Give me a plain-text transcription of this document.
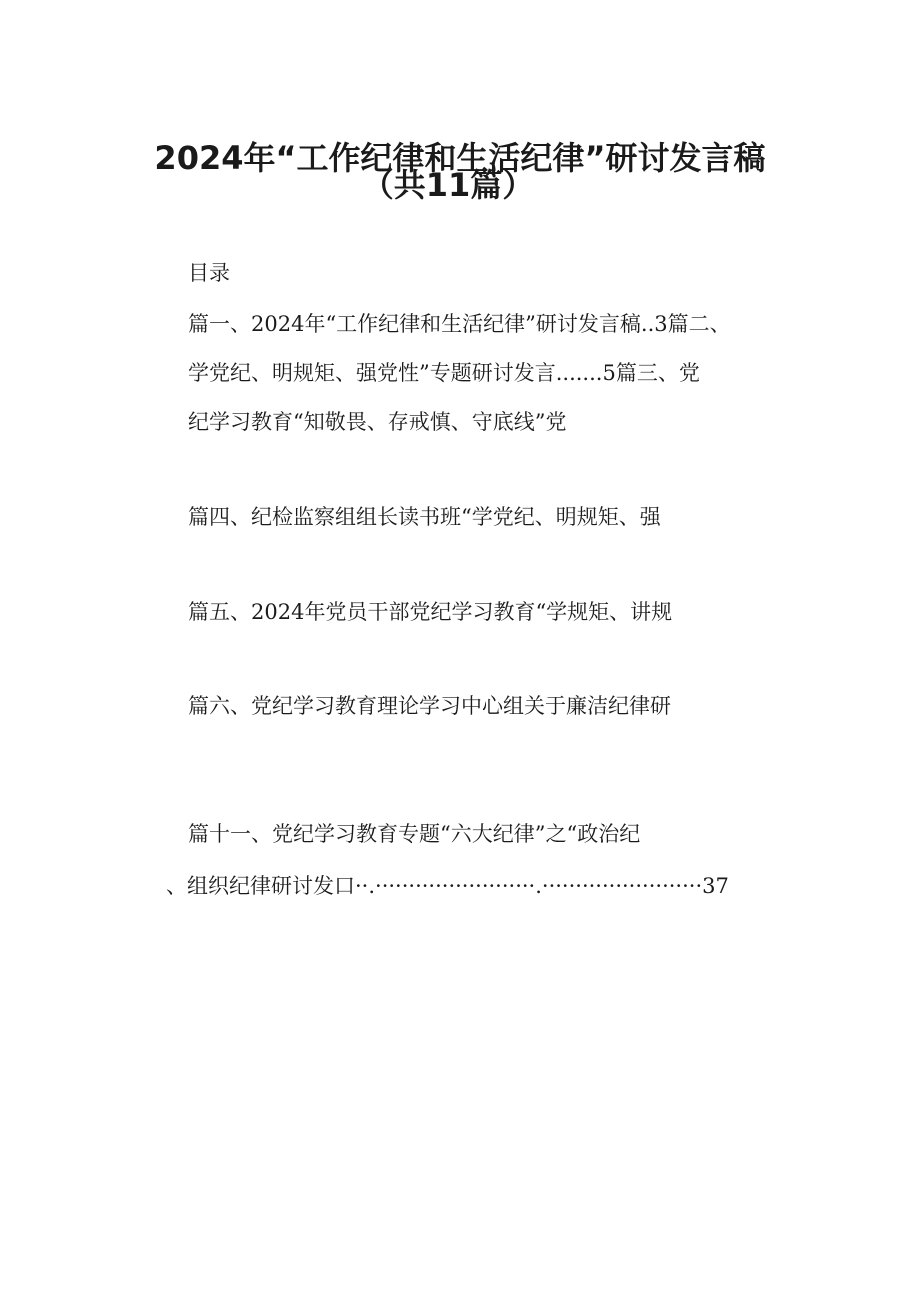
2024年“工作纪律和生活纪律”研讨发言稿
（共11篇）
目录
篇一、2024年“工作纪律和生活纪律”研讨发言稿..3篇二、
学党纪、明规矩、强党性”专题研讨发言.......5篇三、党
纪学习教育“知敬畏、存戒慎、守底线”党
篇四、纪检监察组组长读书班“学党纪、明规矩、强
篇五、2024年党员干部党纪学习教育“学规矩、讲规
篇六、党纪学习教育理论学习中心组关于廉洁纪律研
篇十一、党纪学习教育专题“六大纪律”之“政治纪
、组织纪律研讨发口··.························.························37
